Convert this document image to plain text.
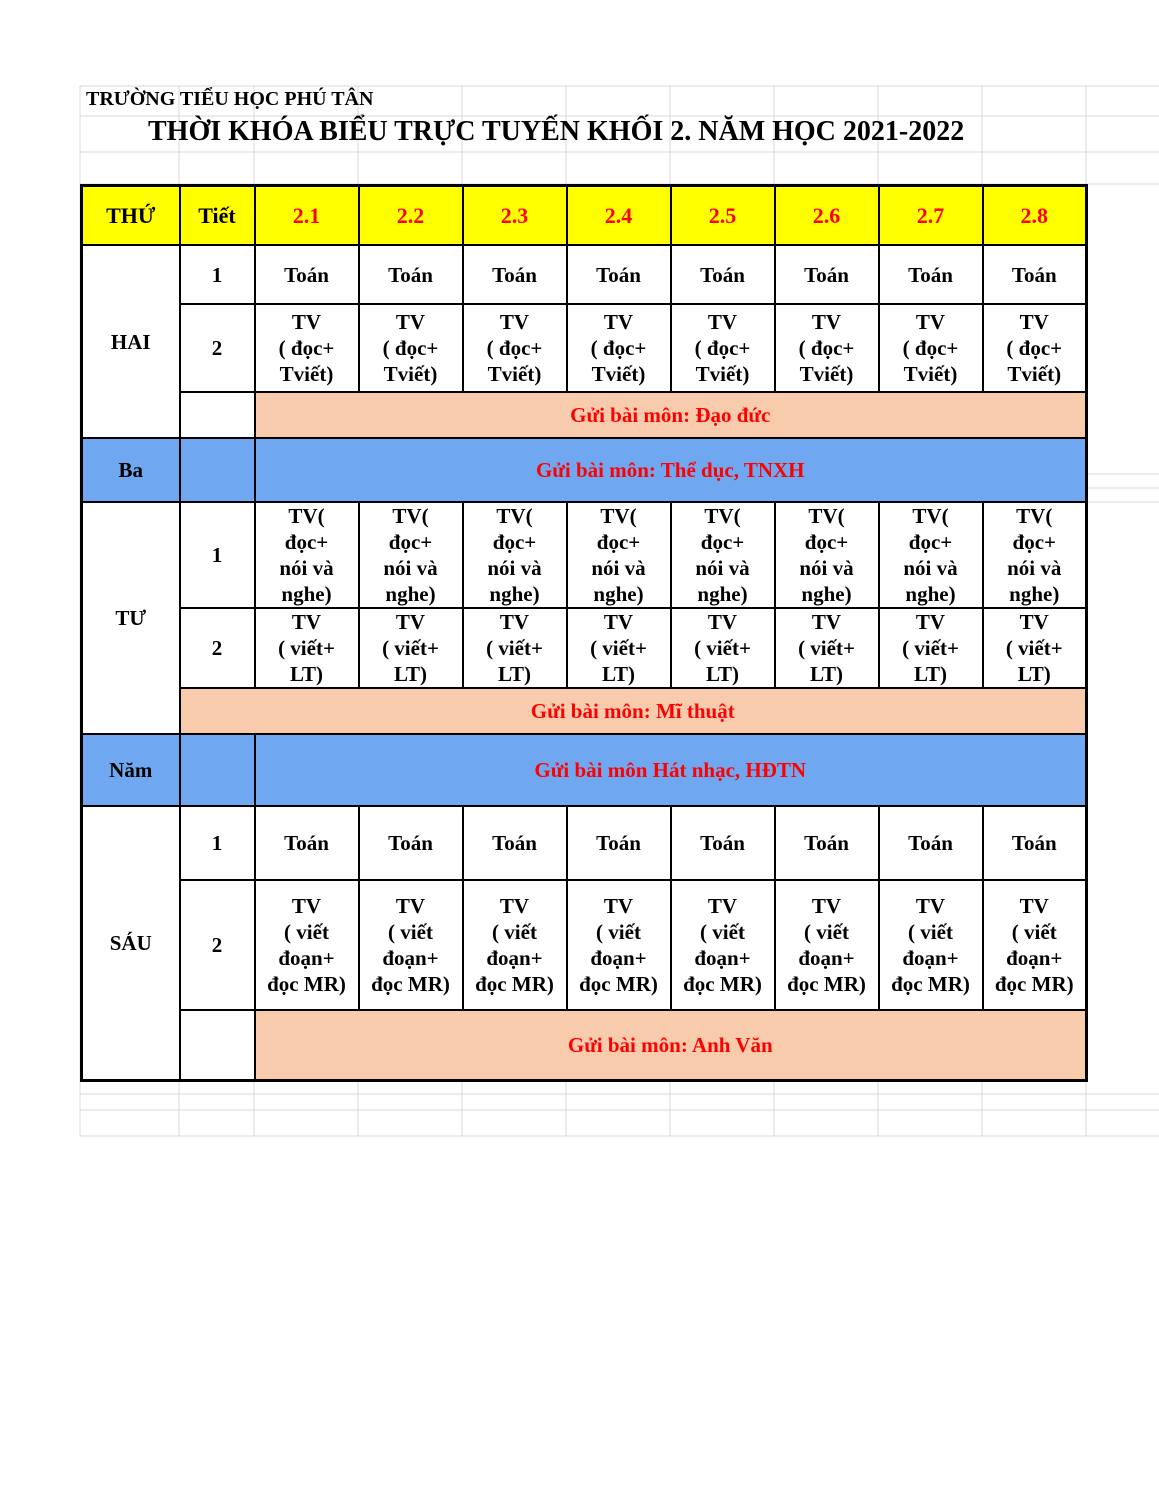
TRƯỜNG TIỂU HỌC PHÚ TÂN
THỜI KHÓA BIỂU TRỰC TUYẾN KHỐI 2. NĂM HỌC 2021-2022
THỨ	Tiết	2.1	2.2	2.3	2.4	2.5	2.6	2.7	2.8
HAI	1	Toán	Toán	Toán	Toán	Toán	Toán	Toán	Toán
	2	TV
( đọc+
Tviết)	TV
( đọc+
Tviết)	TV
( đọc+
Tviết)	TV
( đọc+
Tviết)	TV
( đọc+
Tviết)	TV
( đọc+
Tviết)	TV
( đọc+
Tviết)	TV
( đọc+
Tviết)
		Gửi bài môn: Đạo đức							
Ba		Gửi bài môn: Thể dục, TNXH							
TƯ	1	TV(
đọc+
nói và
nghe)	TV(
đọc+
nói và
nghe)	TV(
đọc+
nói và
nghe)	TV(
đọc+
nói và
nghe)	TV(
đọc+
nói và
nghe)	TV(
đọc+
nói và
nghe)	TV(
đọc+
nói và
nghe)	TV(
đọc+
nói và
nghe)
	2	TV
( viết+
LT)	TV
( viết+
LT)	TV
( viết+
LT)	TV
( viết+
LT)	TV
( viết+
LT)	TV
( viết+
LT)	TV
( viết+
LT)	TV
( viết+
LT)
	Gửi bài môn: Mĩ thuật								
Năm		Gửi bài môn Hát nhạc, HĐTN							
SÁU	1	Toán	Toán	Toán	Toán	Toán	Toán	Toán	Toán
	2	TV
( viết
đoạn+
đọc MR)	TV
( viết
đoạn+
đọc MR)	TV
( viết
đoạn+
đọc MR)	TV
( viết
đoạn+
đọc MR)	TV
( viết
đoạn+
đọc MR)	TV
( viết
đoạn+
đọc MR)	TV
( viết
đoạn+
đọc MR)	TV
( viết
đoạn+
đọc MR)
		Gửi bài môn: Anh Văn							
